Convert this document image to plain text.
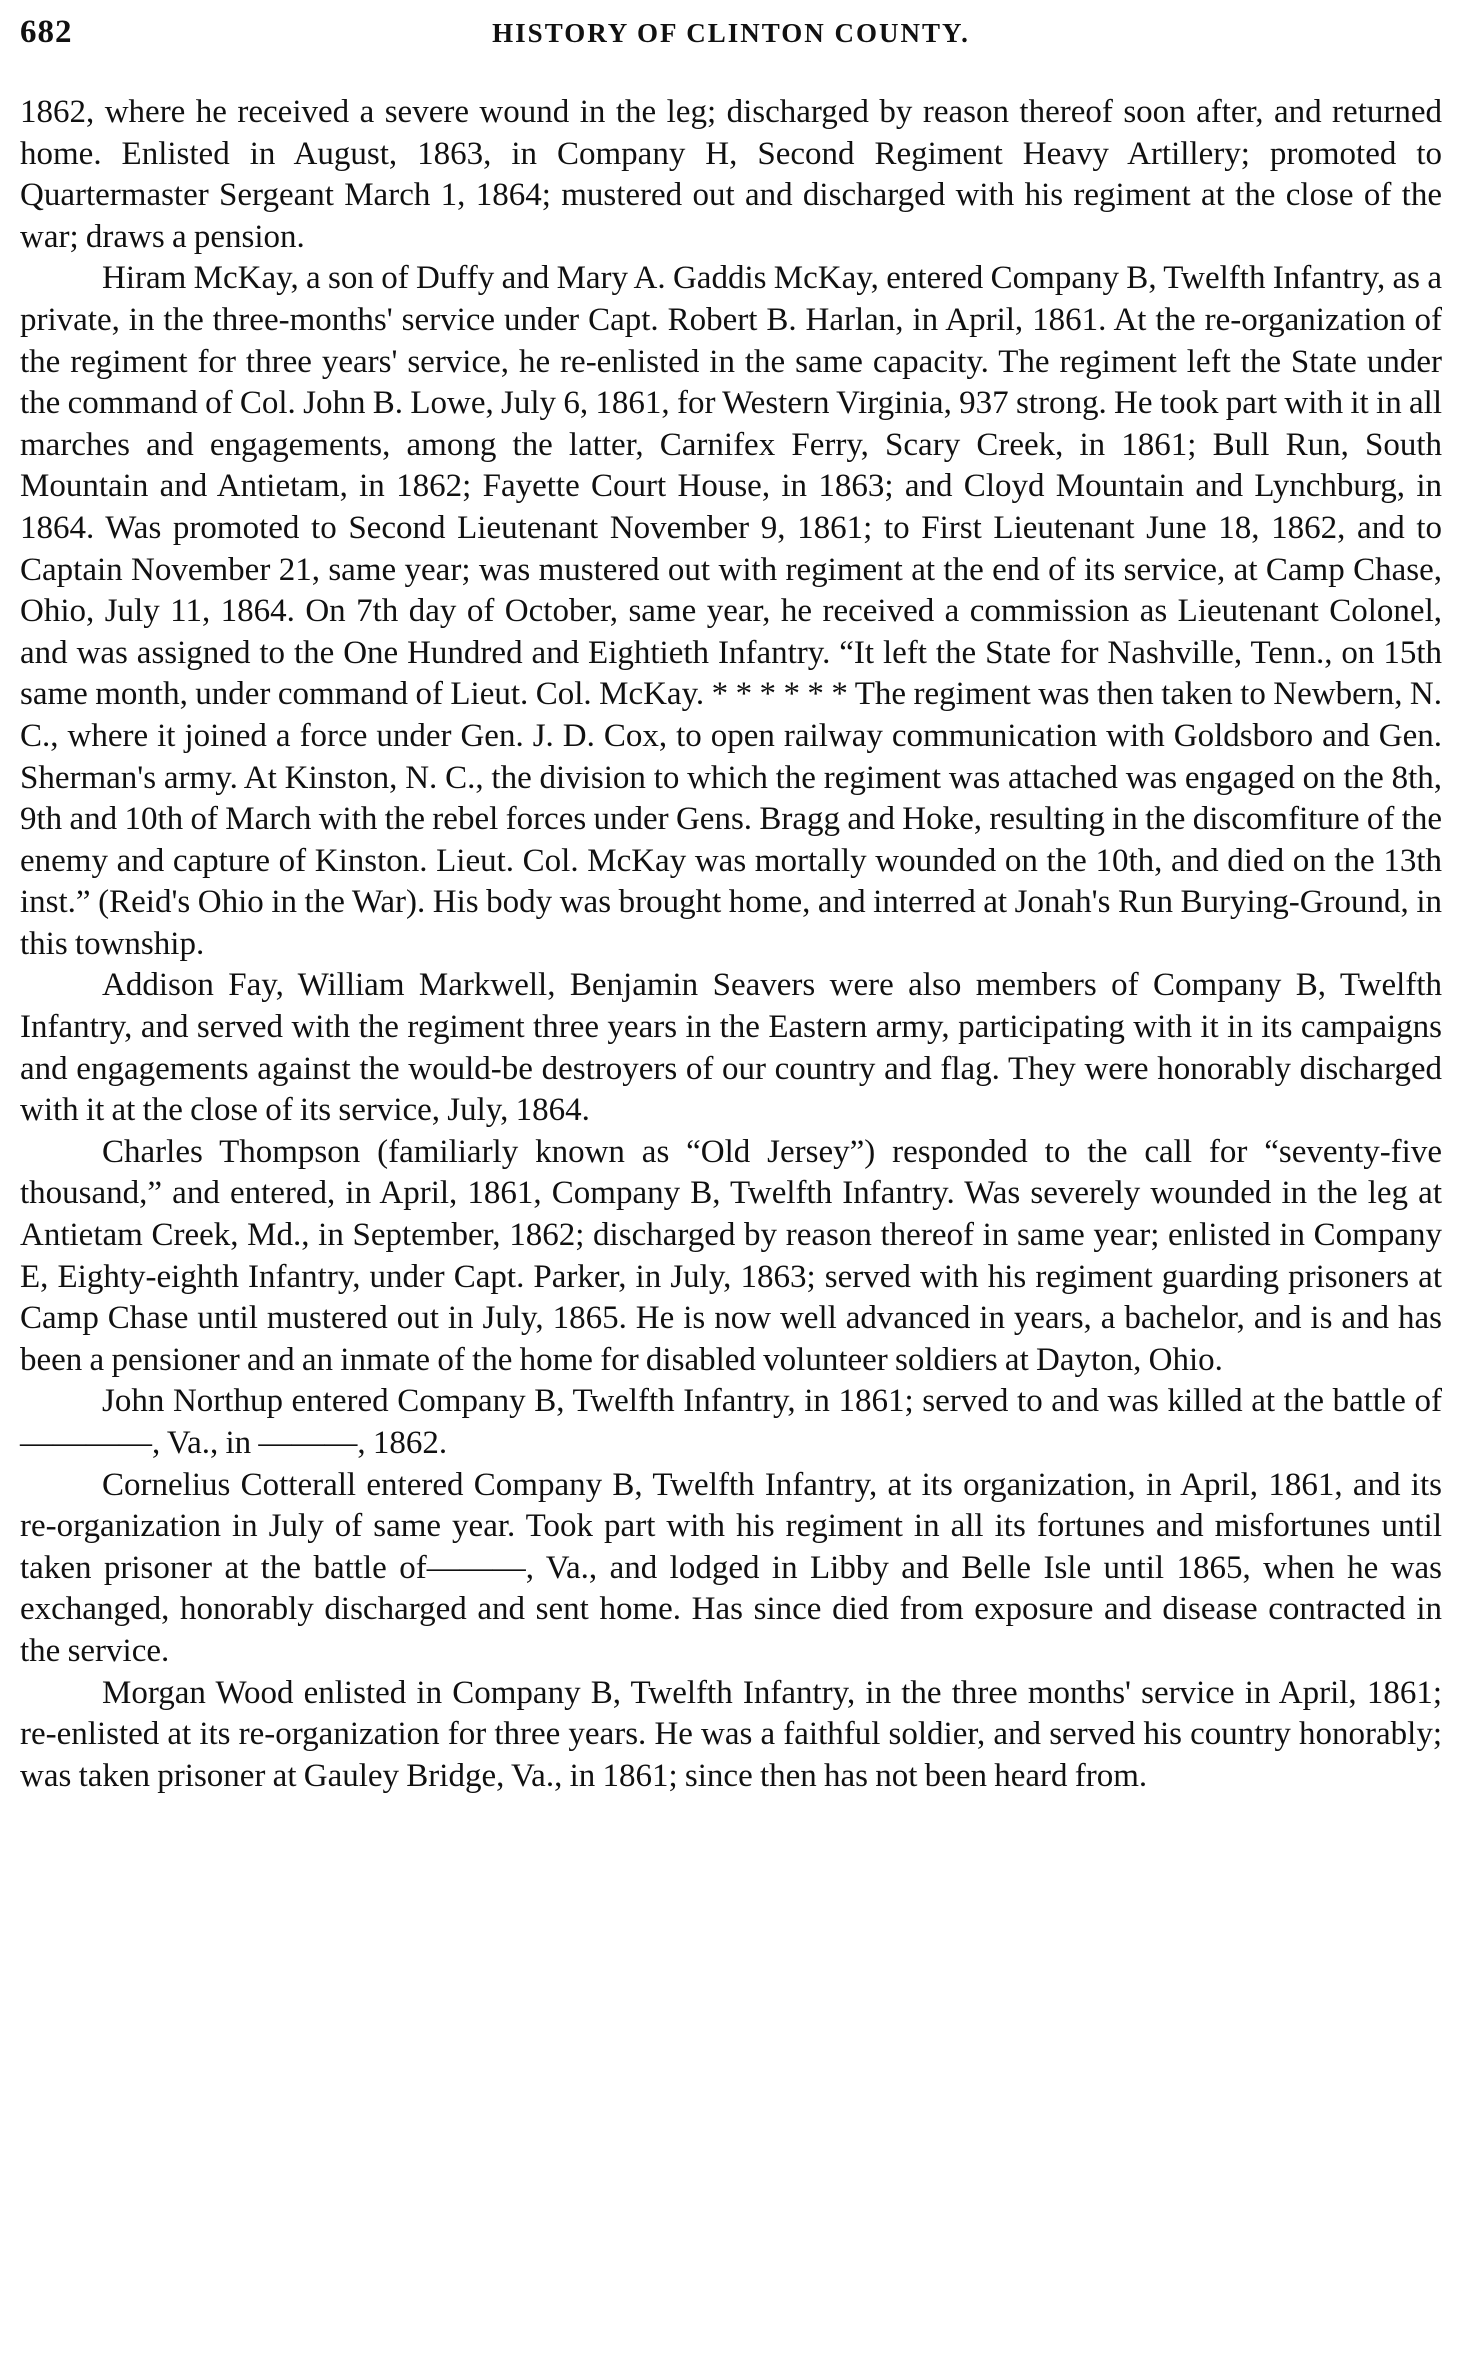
682	HISTORY OF CLINTON COUNTY.

1862, where he received a severe wound in the leg; discharged by reason thereof soon after, and returned home. Enlisted in August, 1863, in Company H, Second Regiment Heavy Artillery; promoted to Quartermaster Sergeant March 1, 1864; mustered out and discharged with his regiment at the close of the war; draws a pension.

Hiram McKay, a son of Duffy and Mary A. Gaddis McKay, entered Company B, Twelfth Infantry, as a private, in the three-months' service under Capt. Robert B. Harlan, in April, 1861. At the re-organization of the regiment for three years' service, he re-enlisted in the same capacity. The regiment left the State under the command of Col. John B. Lowe, July 6, 1861, for Western Virginia, 937 strong. He took part with it in all marches and engagements, among the latter, Carnifex Ferry, Scary Creek, in 1861; Bull Run, South Mountain and Antietam, in 1862; Fayette Court House, in 1863; and Cloyd Mountain and Lynchburg, in 1864. Was promoted to Second Lieutenant November 9, 1861; to First Lieutenant June 18, 1862, and to Captain November 21, same year; was mustered out with regiment at the end of its service, at Camp Chase, Ohio, July 11, 1864. On 7th day of October, same year, he received a commission as Lieutenant Colonel, and was assigned to the One Hundred and Eightieth Infantry. “It left the State for Nashville, Tenn., on 15th same month, under command of Lieut. Col. McKay. * * * * * * The regiment was then taken to Newbern, N. C., where it joined a force under Gen. J. D. Cox, to open railway communication with Goldsboro and Gen. Sherman's army. At Kinston, N. C., the division to which the regiment was attached was engaged on the 8th, 9th and 10th of March with the rebel forces under Gens. Bragg and Hoke, resulting in the discomfiture of the enemy and capture of Kinston. Lieut. Col. McKay was mortally wounded on the 10th, and died on the 13th inst.” (Reid's Ohio in the War). His body was brought home, and interred at Jonah's Run Burying-Ground, in this township.

Addison Fay, William Markwell, Benjamin Seavers were also members of Company B, Twelfth Infantry, and served with the regiment three years in the Eastern army, participating with it in its campaigns and engagements against the would-be destroyers of our country and flag. They were honorably discharged with it at the close of its service, July, 1864.

Charles Thompson (familiarly known as “Old Jersey”) responded to the call for “seventy-five thousand,” and entered, in April, 1861, Company B, Twelfth Infantry. Was severely wounded in the leg at Antietam Creek, Md., in September, 1862; discharged by reason thereof in same year; enlisted in Company E, Eighty-eighth Infantry, under Capt. Parker, in July, 1863; served with his regiment guarding prisoners at Camp Chase until mustered out in July, 1865. He is now well advanced in years, a bachelor, and is and has been a pensioner and an inmate of the home for disabled volunteer soldiers at Dayton, Ohio.

John Northup entered Company B, Twelfth Infantry, in 1861; served to and was killed at the battle of ————, Va., in ———, 1862.

Cornelius Cotterall entered Company B, Twelfth Infantry, at its organization, in April, 1861, and its re-organization in July of same year. Took part with his regiment in all its fortunes and misfortunes until taken prisoner at the battle of———, Va., and lodged in Libby and Belle Isle until 1865, when he was exchanged, honorably discharged and sent home. Has since died from exposure and disease contracted in the service.

Morgan Wood enlisted in Company B, Twelfth Infantry, in the three months' service in April, 1861; re-enlisted at its re-organization for three years. He was a faithful soldier, and served his country honorably; was taken prisoner at Gauley Bridge, Va., in 1861; since then has not been heard from.
